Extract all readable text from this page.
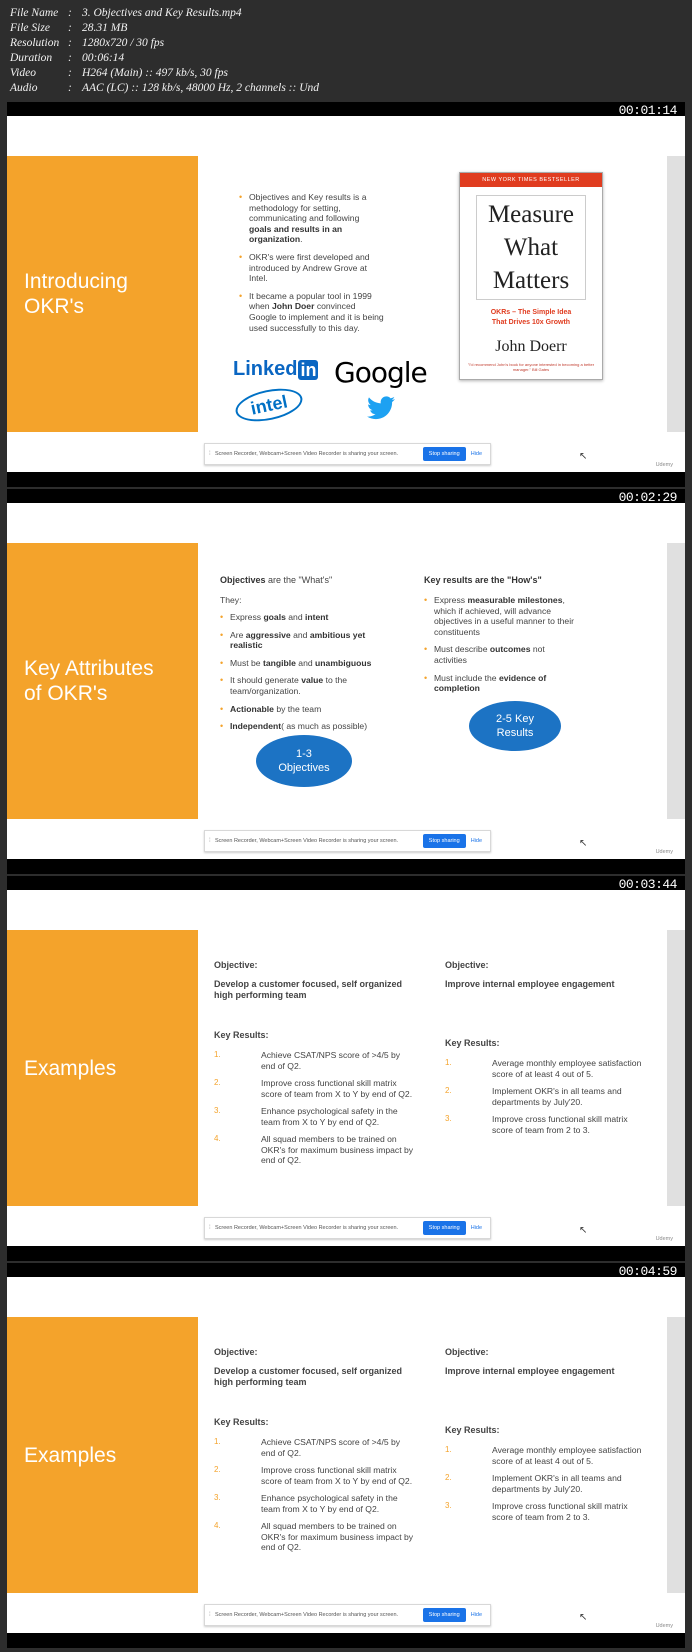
File Name : 3. Objectives and Key Results.mp4
File Size	: 28.31 MB
Resolution : 1280x720 / 30 fps
Duration	: 00:06:14
Video	: H264 (Main) :: 497 kb/s, 30 fps
Audio	: AAC (LC) :: 128 kb/s, 48000 Hz, 2 channels :: Und
Introducing
OKR's
• Objectives and Key results is a methodology for setting, communicating and following goals and results in an organization.
• OKR's were first developed and introduced by Andrew Grove at Intel.
• It became a popular tool in 1999 when John Doer convinced Google to implement and it is being used successfully to this day.
Linked in Google
intel
NEW YORK TIMES BESTSELLER
Measure
What
Matters
OKRs – The Simple Idea
That Drives 10x Growth
John Doerr
"I'd recommend John's book for anyone interested in becoming a better manager." Bill Gates
⁞ Screen Recorder, Webcam+Screen Video Recorder is sharing your screen.	Stop sharing	Hide	↖
Udemy
00:01:14
Key Attributes
of OKR's
Objectives are the "What's"
They:
• Express goals and intent
• Are aggressive and ambitious yet realistic
• Must be tangible and unambiguous
• It should generate value to the team/organization.
• Actionable by the team
• Independent( as much as possible)
1-3
Objectives
Key results are the "How's"
• Express measurable milestones, which if achieved, will advance objectives in a useful manner to their constituents
• Must describe outcomes not activities
• Must include the evidence of completion
2-5 Key
Results
⁞ Screen Recorder, Webcam+Screen Video Recorder is sharing your screen.	Stop sharing	Hide	↖
Udemy
00:02:29
Examples
Objective:
Develop a customer focused, self organized high performing team
Key Results:
1.	Achieve CSAT/NPS score of >4/5 by end of Q2.
2.	Improve cross functional skill matrix score of team from X to Y by end of Q2.
3.	Enhance psychological safety in the team from X to Y by end of Q2.
4.	All squad members to be trained on OKR's for maximum business impact by end of Q2.
Objective:
Improve internal employee engagement
Key Results:
1.	Average monthly employee satisfaction score of at least 4 out of 5.
2.	Implement OKR's in all teams and departments by July'20.
3.	Improve cross functional skill matrix score of team from 2 to 3.
⁞ Screen Recorder, Webcam+Screen Video Recorder is sharing your screen.	Stop sharing	Hide	↖
Udemy
00:03:44
Examples
Objective:
Develop a customer focused, self organized high performing team
Key Results:
1.	Achieve CSAT/NPS score of >4/5 by end of Q2.
2.	Improve cross functional skill matrix score of team from X to Y by end of Q2.
3.	Enhance psychological safety in the team from X to Y by end of Q2.
4.	All squad members to be trained on OKR's for maximum business impact by end of Q2.
Objective:
Improve internal employee engagement
Key Results:
1.	Average monthly employee satisfaction score of at least 4 out of 5.
2.	Implement OKR's in all teams and departments by July'20.
3.	Improve cross functional skill matrix score of team from 2 to 3.
⁞ Screen Recorder, Webcam+Screen Video Recorder is sharing your screen.	Stop sharing	Hide	↖
Udemy
00:04:59
